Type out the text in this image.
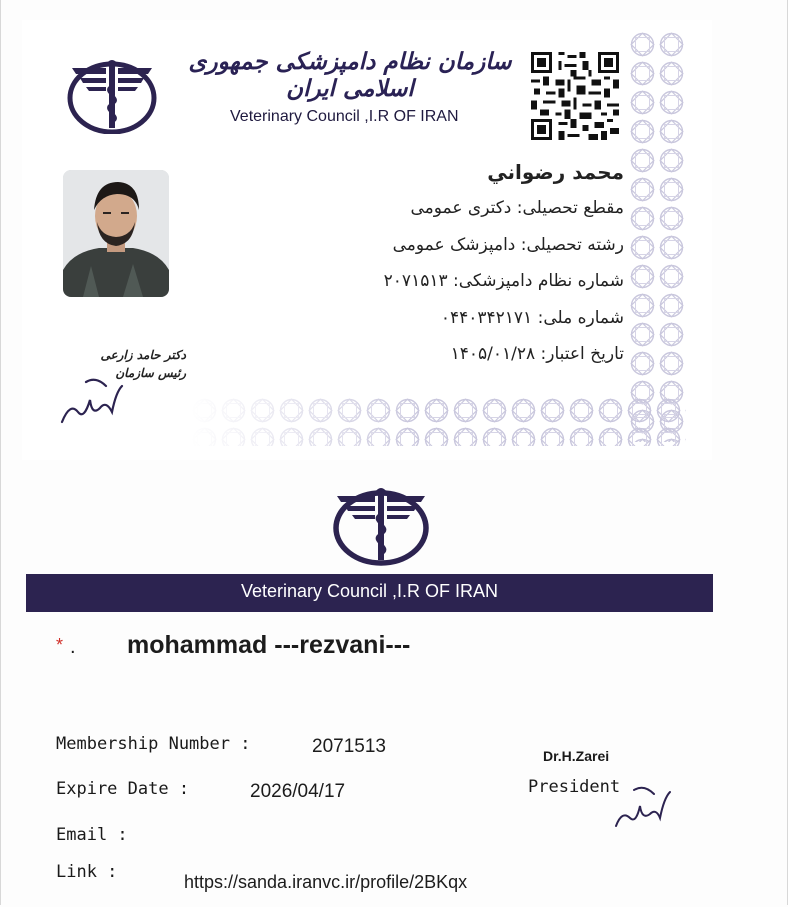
سازمان نظام دامپزشکی جمهوری اسلامی ایران
Veterinary Council ,I.R OF IRAN
محمد رضواني
مقطع تحصیلی: دکتری عمومی
رشته تحصیلی: دامپزشک عمومی
شماره نظام دامپزشکی: ۲۰۷۱۵۱۳
شماره ملی: ۰۴۴۰۳۴۲۱۷۱
تاریخ اعتبار: ۱۴۰۵/۰۱/۲۸
دکتر حامد زارعی
رئیس سازمان
Veterinary Council ,I.R OF IRAN
* . mohammad ---rezvani---
Membership Number :	2071513
Expire Date :	2026/04/17
Email :
Link :	https://sanda.iranvc.ir/profile/2BKqx
Dr.H.Zarei
President
